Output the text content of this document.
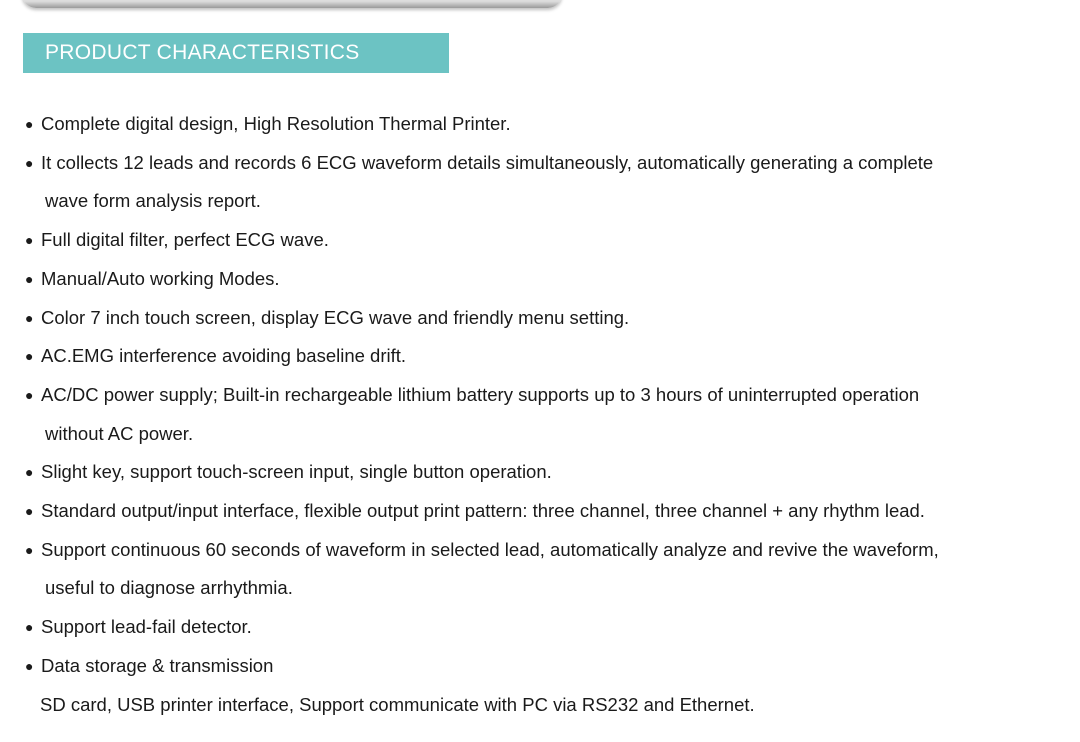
PRODUCT CHARACTERISTICS
● Complete digital design, High Resolution Thermal Printer.
● It collects 12 leads and records 6 ECG waveform details simultaneously, automatically generating a complete
wave form analysis report.
● Full digital filter, perfect ECG wave.
● Manual/Auto working Modes.
● Color 7 inch touch screen, display ECG wave and friendly menu setting.
● AC.EMG interference avoiding baseline drift.
● AC/DC power supply; Built-in rechargeable lithium battery supports up to 3 hours of uninterrupted operation
without AC power.
● Slight key, support touch-screen input, single button operation.
● Standard output/input interface, flexible output print pattern: three channel, three channel + any rhythm lead.
● Support continuous 60 seconds of waveform in selected lead, automatically analyze and revive the waveform,
useful to diagnose arrhythmia.
● Support lead-fail detector.
● Data storage & transmission
SD card, USB printer interface, Support communicate with PC via RS232 and Ethernet.
